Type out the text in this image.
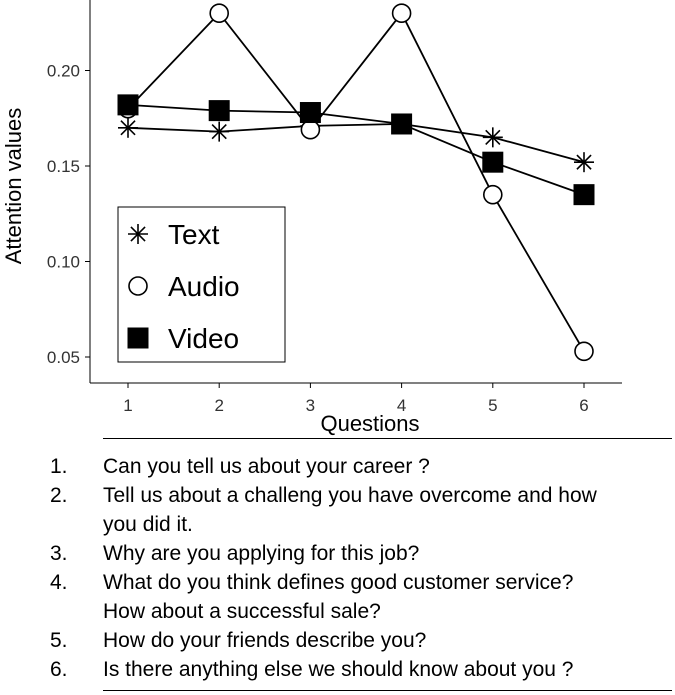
0.05
0.10
0.15
0.20
1	2	3	4	5	6
Text
Audio
Video
Questions
Attention values
1.	Can you tell us about your career ?
2.	Tell us about a challeng you have overcome and how
you did it.
3.	Why are you applying for this job?
4.	What do you think defines good customer service?
How about a successful sale?
5.	How do your friends describe you?
6.	Is there anything else we should know about you ?
